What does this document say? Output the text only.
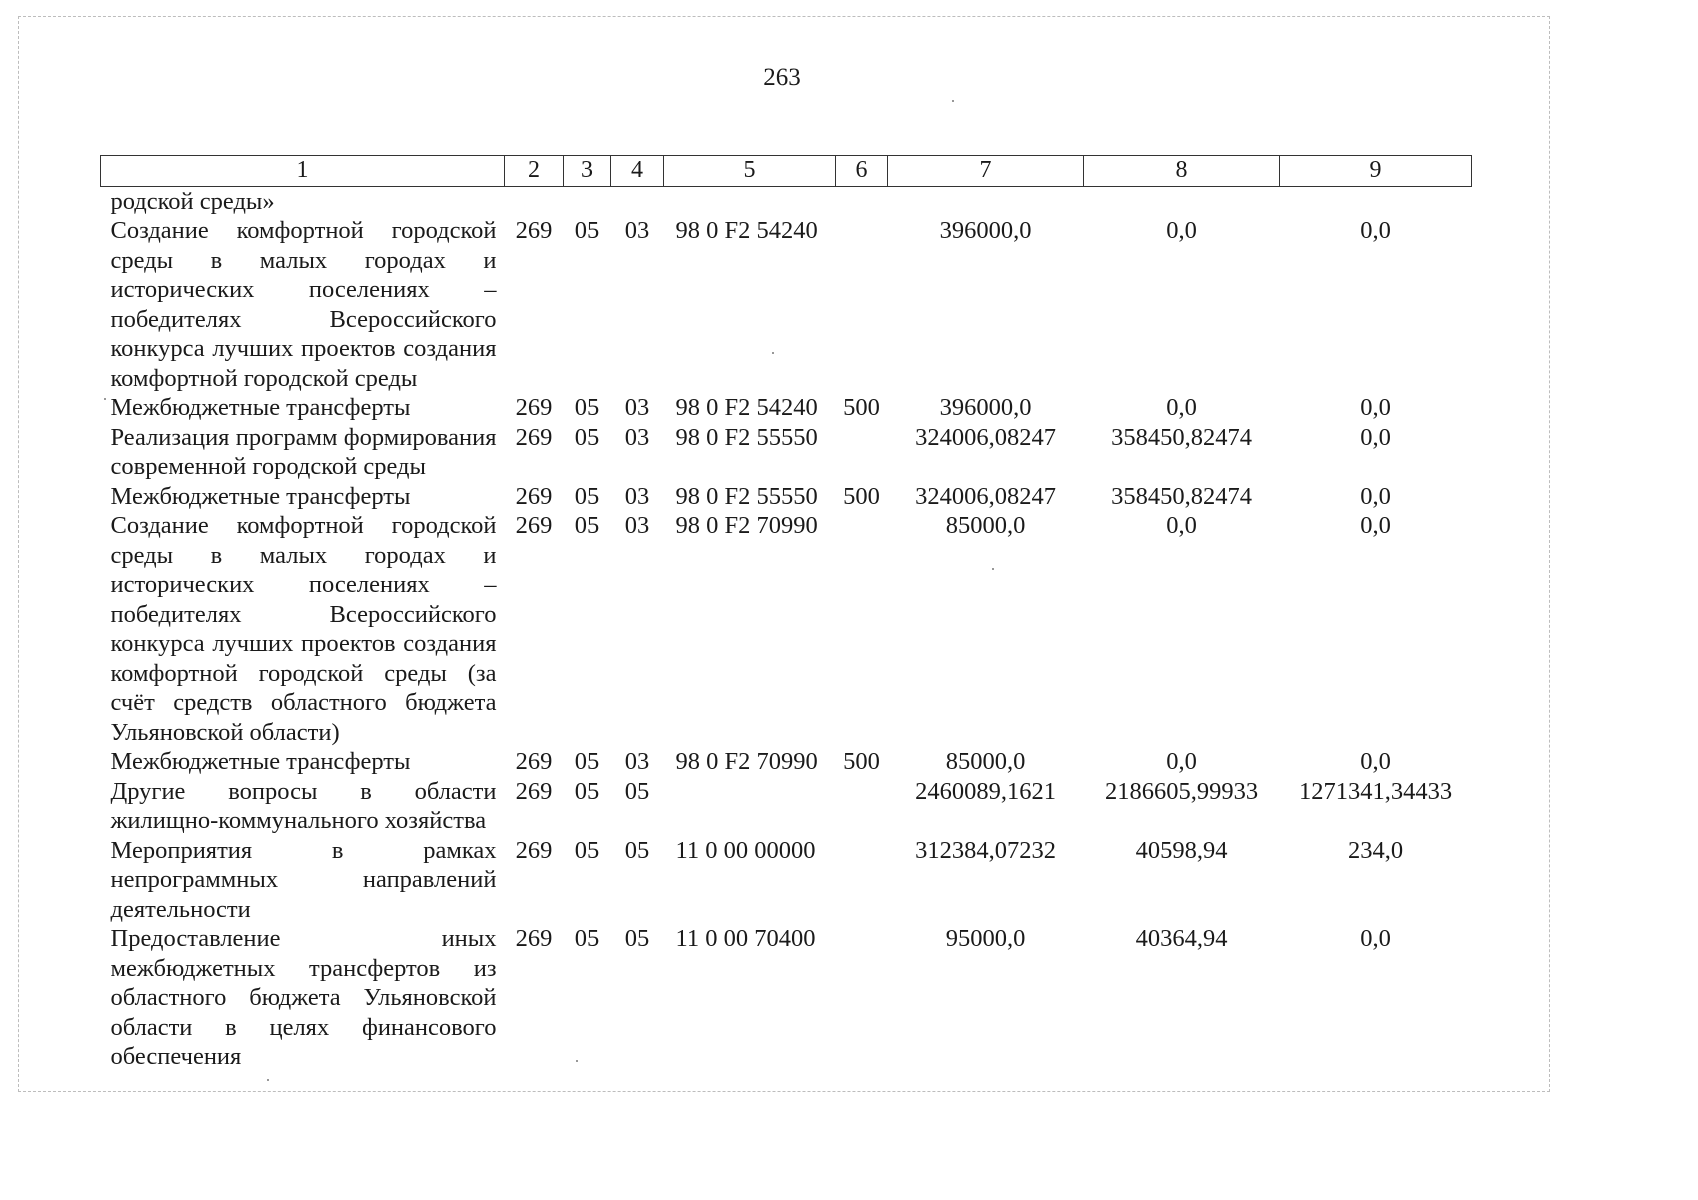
263
1	2	3	4	5	6	7	8	9
родской среды»								
Создание комфортной городской среды в малых городах и исторических поселениях – победителях Всероссийского конкурса лучших проектов создания комфортной городской среды	269	05	03	98 0 F2 54240		396000,0	0,0	0,0
Межбюджетные трансферты	269	05	03	98 0 F2 54240	500	396000,0	0,0	0,0
Реализация программ формирования современной городской среды	269	05	03	98 0 F2 55550		324006,08247	358450,82474	0,0
Межбюджетные трансферты	269	05	03	98 0 F2 55550	500	324006,08247	358450,82474	0,0
Создание комфортной городской среды в малых городах и исторических поселениях – победителях Всероссийского конкурса лучших проектов создания комфортной городской среды (за счёт средств областного бюджета Ульяновской области)	269	05	03	98 0 F2 70990		85000,0	0,0	0,0
Межбюджетные трансферты	269	05	03	98 0 F2 70990	500	85000,0	0,0	0,0
Другие вопросы в области жилищно-коммунального хозяйства	269	05	05			2460089,1621	2186605,99933	1271341,34433
Мероприятия в рамках непрограммных направлений деятельности	269	05	05	11 0 00 00000		312384,07232	40598,94	234,0
Предоставление иных межбюджетных трансфертов из областного бюджета Ульяновской области в целях финансового обеспечения	269	05	05	11 0 00 70400		95000,0	40364,94	0,0
